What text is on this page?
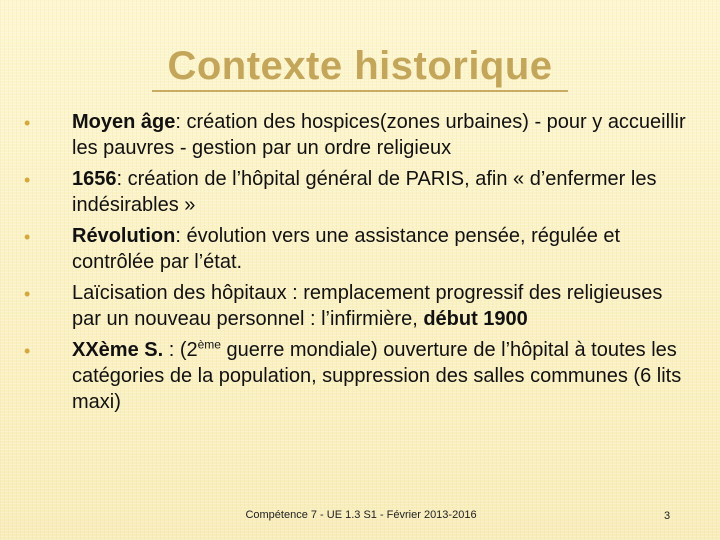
Contexte historique
• Moyen âge: création des hospices(zones urbaines) - pour y accueillir les pauvres - gestion par un ordre religieux
• 1656: création de l’hôpital général de PARIS, afin « d’enfermer les indésirables »
• Révolution: évolution vers une assistance pensée, régulée et contrôlée par l’état.
• Laïcisation des hôpitaux : remplacement progressif des religieuses par un nouveau personnel : l’infirmière, début 1900
• XXème S. : (2ème guerre mondiale) ouverture de l’hôpital à toutes les catégories de la population, suppression des salles communes (6 lits maxi)
Compétence 7 - UE 1.3 S1 - Février 2013-2016	3
